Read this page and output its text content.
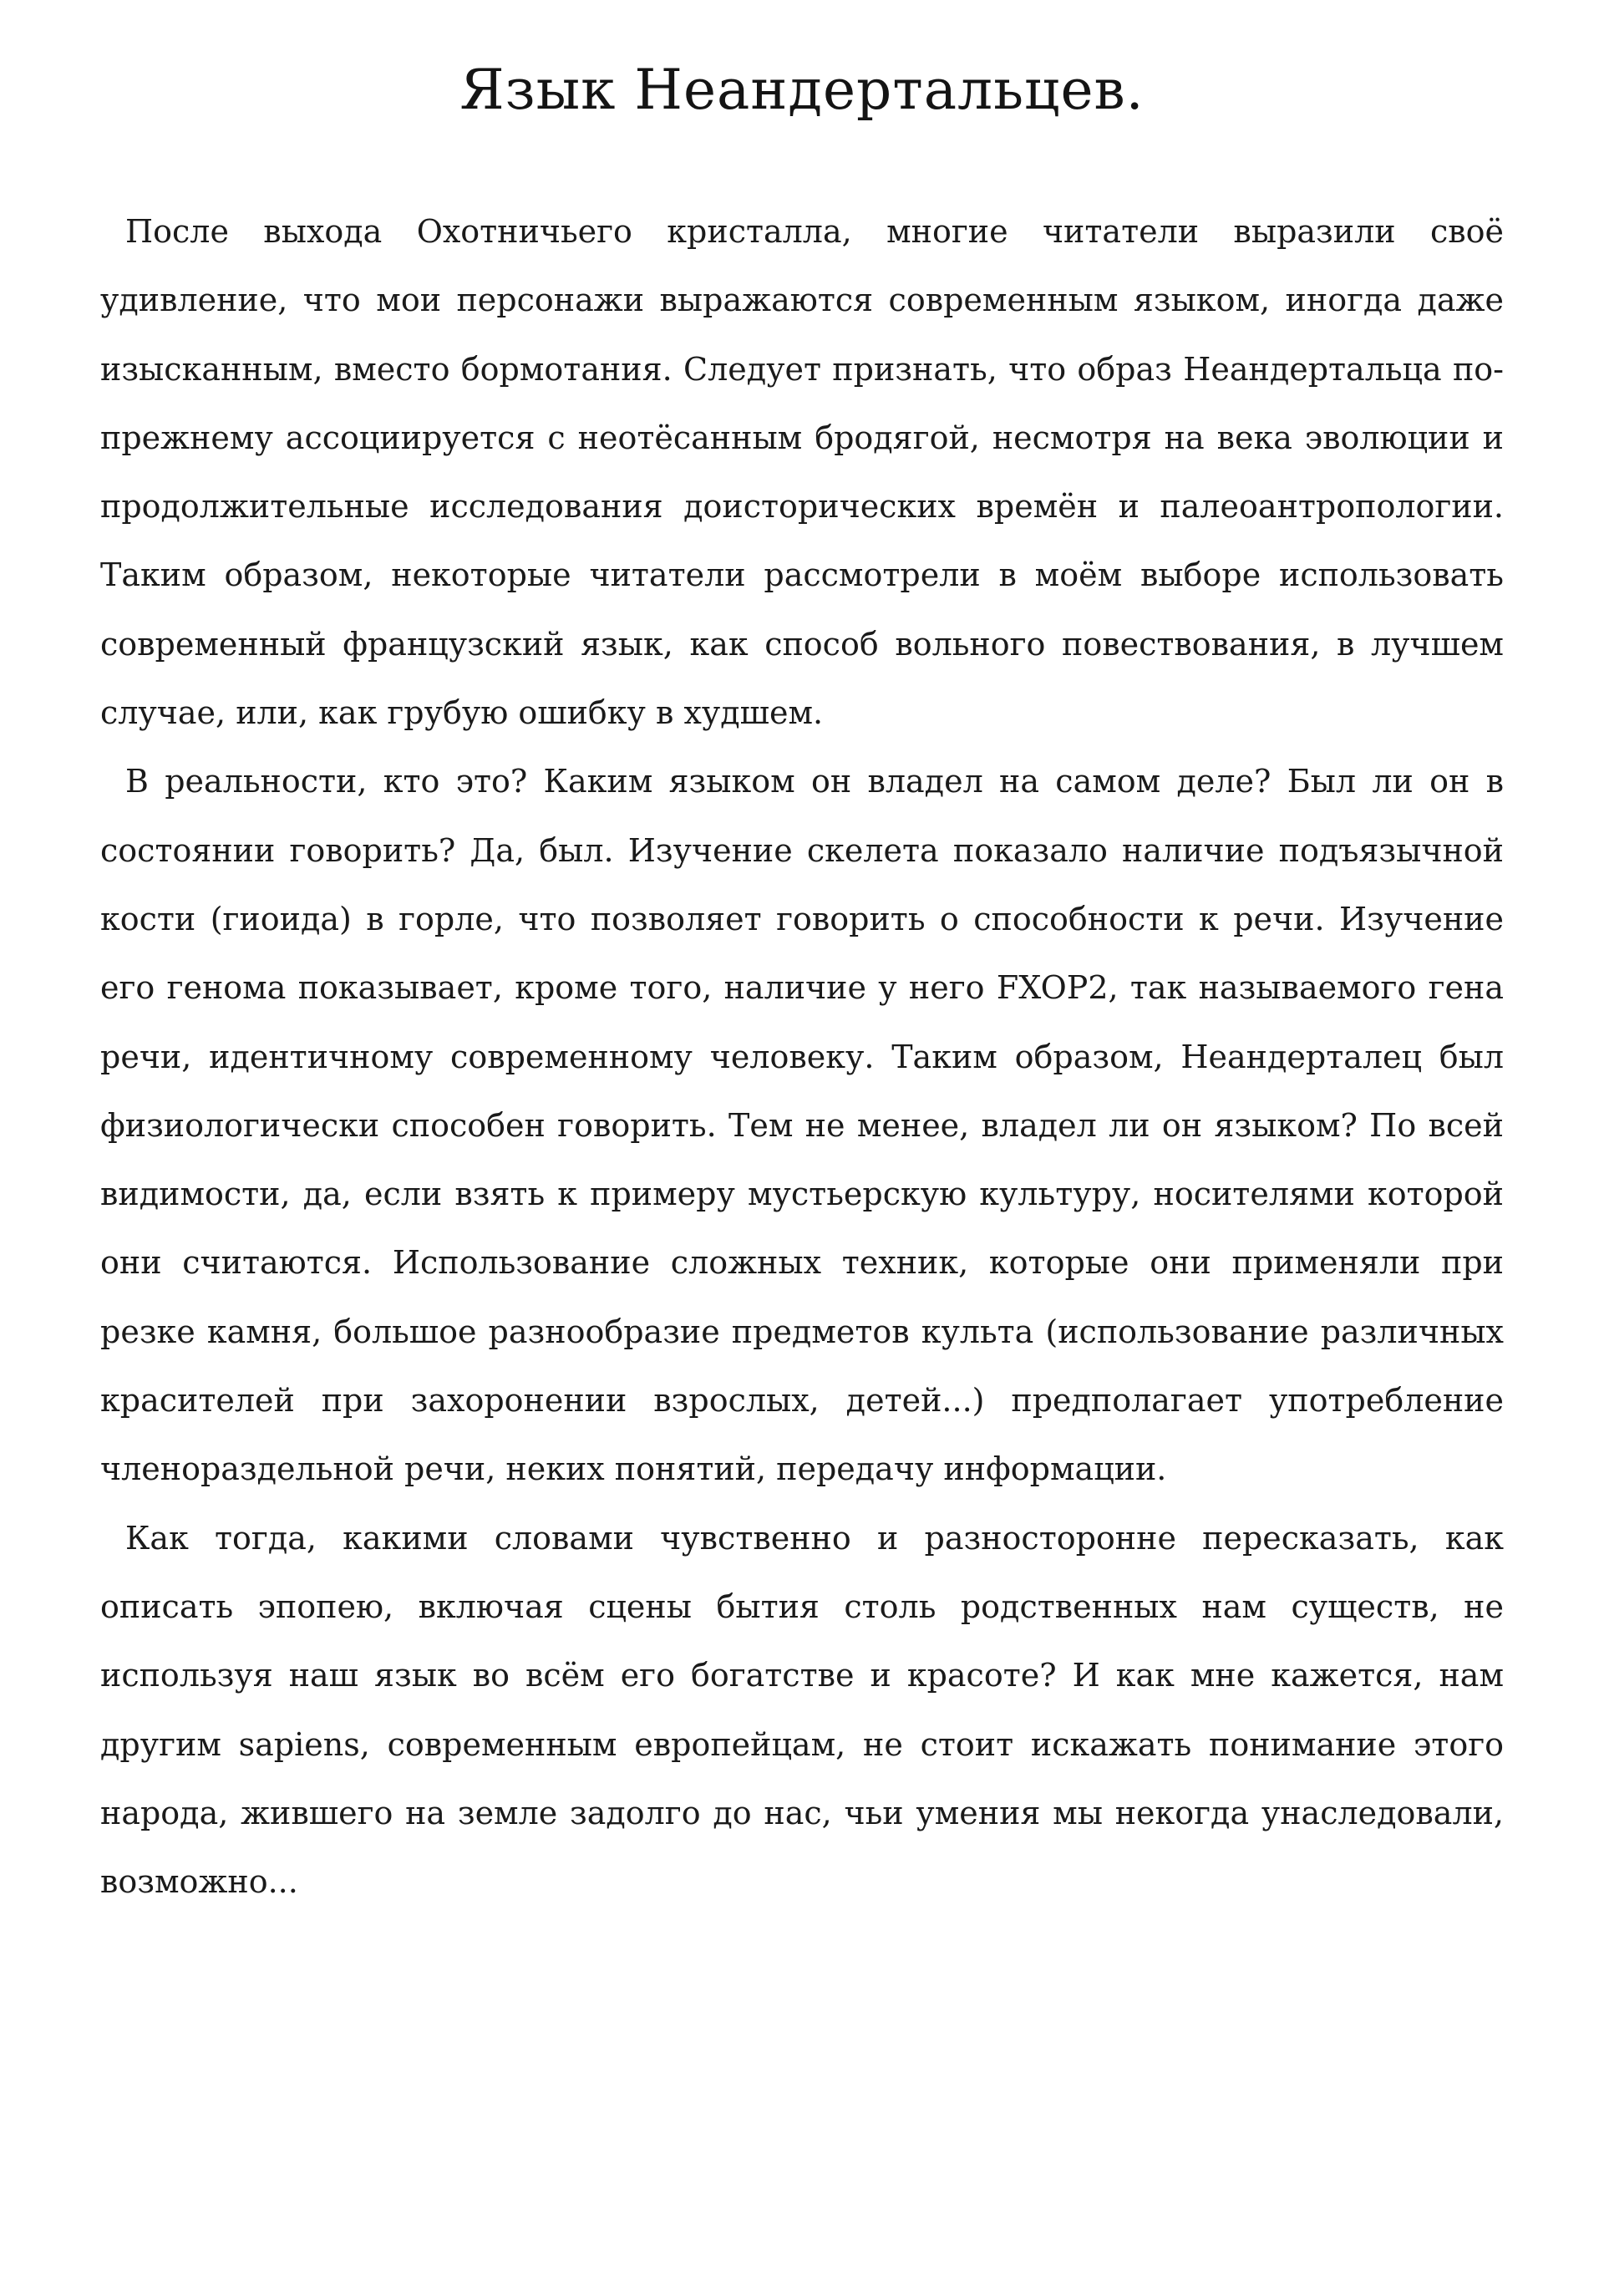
Язык Неандертальцев.

После выхода Охотничьего кристалла, многие читатели выразили своё удивление, что мои персонажи выражаются современным языком, иногда даже изысканным, вместо бормотания. Следует признать, что образ Неандертальца по-прежнему ассоциируется с неотёсанным бродягой, несмотря на века эволюции и продолжительные исследования доисторических времён и палеоантропологии. Таким образом, некоторые читатели рассмотрели в моём выборе использовать современный французский язык, как способ вольного повествования, в лучшем случае, или, как грубую ошибку в худшем.

В реальности, кто это? Каким языком он владел на самом деле? Был ли он в состоянии говорить? Да, был. Изучение скелета показало наличие подъязычной кости (гиоида) в горле, что позволяет говорить о способности к речи. Изучение его генома показывает, кроме того, наличие у него FXOP2, так называемого гена речи, идентичному современному человеку. Таким образом, Неандерталец был физиологически способен говорить. Тем не менее, владел ли он языком? По всей видимости, да, если взять к примеру мустьерскую культуру, носителями которой они считаются. Использование сложных техник, которые они применяли при резке камня, большое разнообразие предметов культа (использование различных красителей при захоронении взрослых, детей...) предполагает употребление членораздельной речи, неких понятий, передачу информации.

Как тогда, какими словами чувственно и разносторонне пересказать, как описать эпопею, включая сцены бытия столь родственных нам существ, не используя наш язык во всём его богатстве и красоте? И как мне кажется, нам другим sapiens, современным европейцам, не стоит искажать понимание этого народа, жившего на земле задолго до нас, чьи умения мы некогда унаследовали, возможно...
